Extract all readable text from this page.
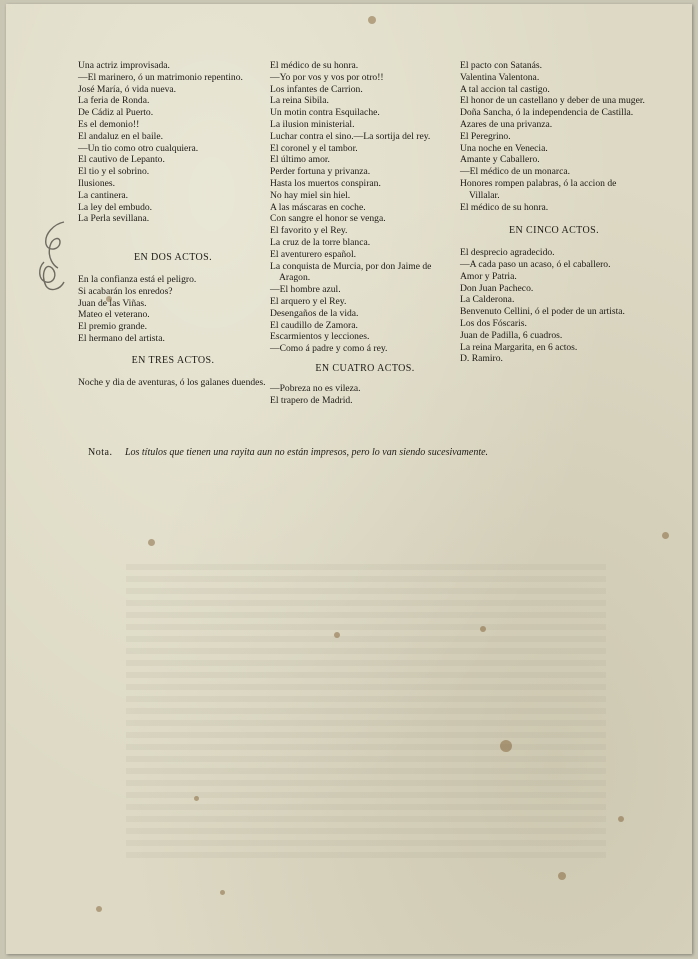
Una actriz improvisada.

—El marinero, ó un matrimonio repentino.

José María, ó vida nueva.

La feria de Ronda.

De Cádiz al Puerto.

Es el demonio!!

El andaluz en el baile.

—Un tio como otro cualquiera.

El cautivo de Lepanto.

El tio y el sobrino.

Ilusiones.

La cantinera.

La ley del embudo.

La Perla sevillana.

EN DOS ACTOS.

En la confianza está el peligro.

Si acabarán los enredos?

Juan de las Viñas.

Mateo el veterano.

El premio grande.

El hermano del artista.

EN TRES ACTOS.

Noche y dia de aventuras, ó los galanes duendes.

El médico de su honra.

—Yo por vos y vos por otro!!

Los infantes de Carrion.

La reina Sibila.

Un motin contra Esquilache.

La ilusion ministerial.

Luchar contra el sino.—La sortija del rey.

El coronel y el tambor.

El último amor.

Perder fortuna y privanza.

Hasta los muertos conspiran.

No hay miel sin hiel.

A las máscaras en coche.

Con sangre el honor se venga.

El favorito y el Rey.

La cruz de la torre blanca.

El aventurero español.

La conquista de Murcia, por don Jaime de Aragon.

—El hombre azul.

El arquero y el Rey.

Desengaños de la vida.

El caudillo de Zamora.

Escarmientos y lecciones.

—Como á padre y como á rey.

EN CUATRO ACTOS.

—Pobreza no es vileza.

El trapero de Madrid.

El pacto con Satanás.

Valentina Valentona.

A tal accion tal castigo.

El honor de un castellano y deber de una muger.

Doña Sancha, ó la independencia de Castilla.

Azares de una privanza.

El Peregrino.

Una noche en Venecia.

Amante y Caballero.

—El médico de un monarca.

Honores rompen palabras, ó la accion de Villalar.

El médico de su honra.

EN CINCO ACTOS.

El desprecio agradecido.

—A cada paso un acaso, ó el caballero.

Amor y Patria.

Don Juan Pacheco.

La Calderona.

Benvenuto Cellini, ó el poder de un artista.

Los dos Fóscaris.

Juan de Padilla, 6 cuadros.

La reina Margarita, en 6 actos.

D. Ramiro.

Nota. Los títulos que tienen una rayita aun no están impresos, pero lo van siendo sucesivamente.
